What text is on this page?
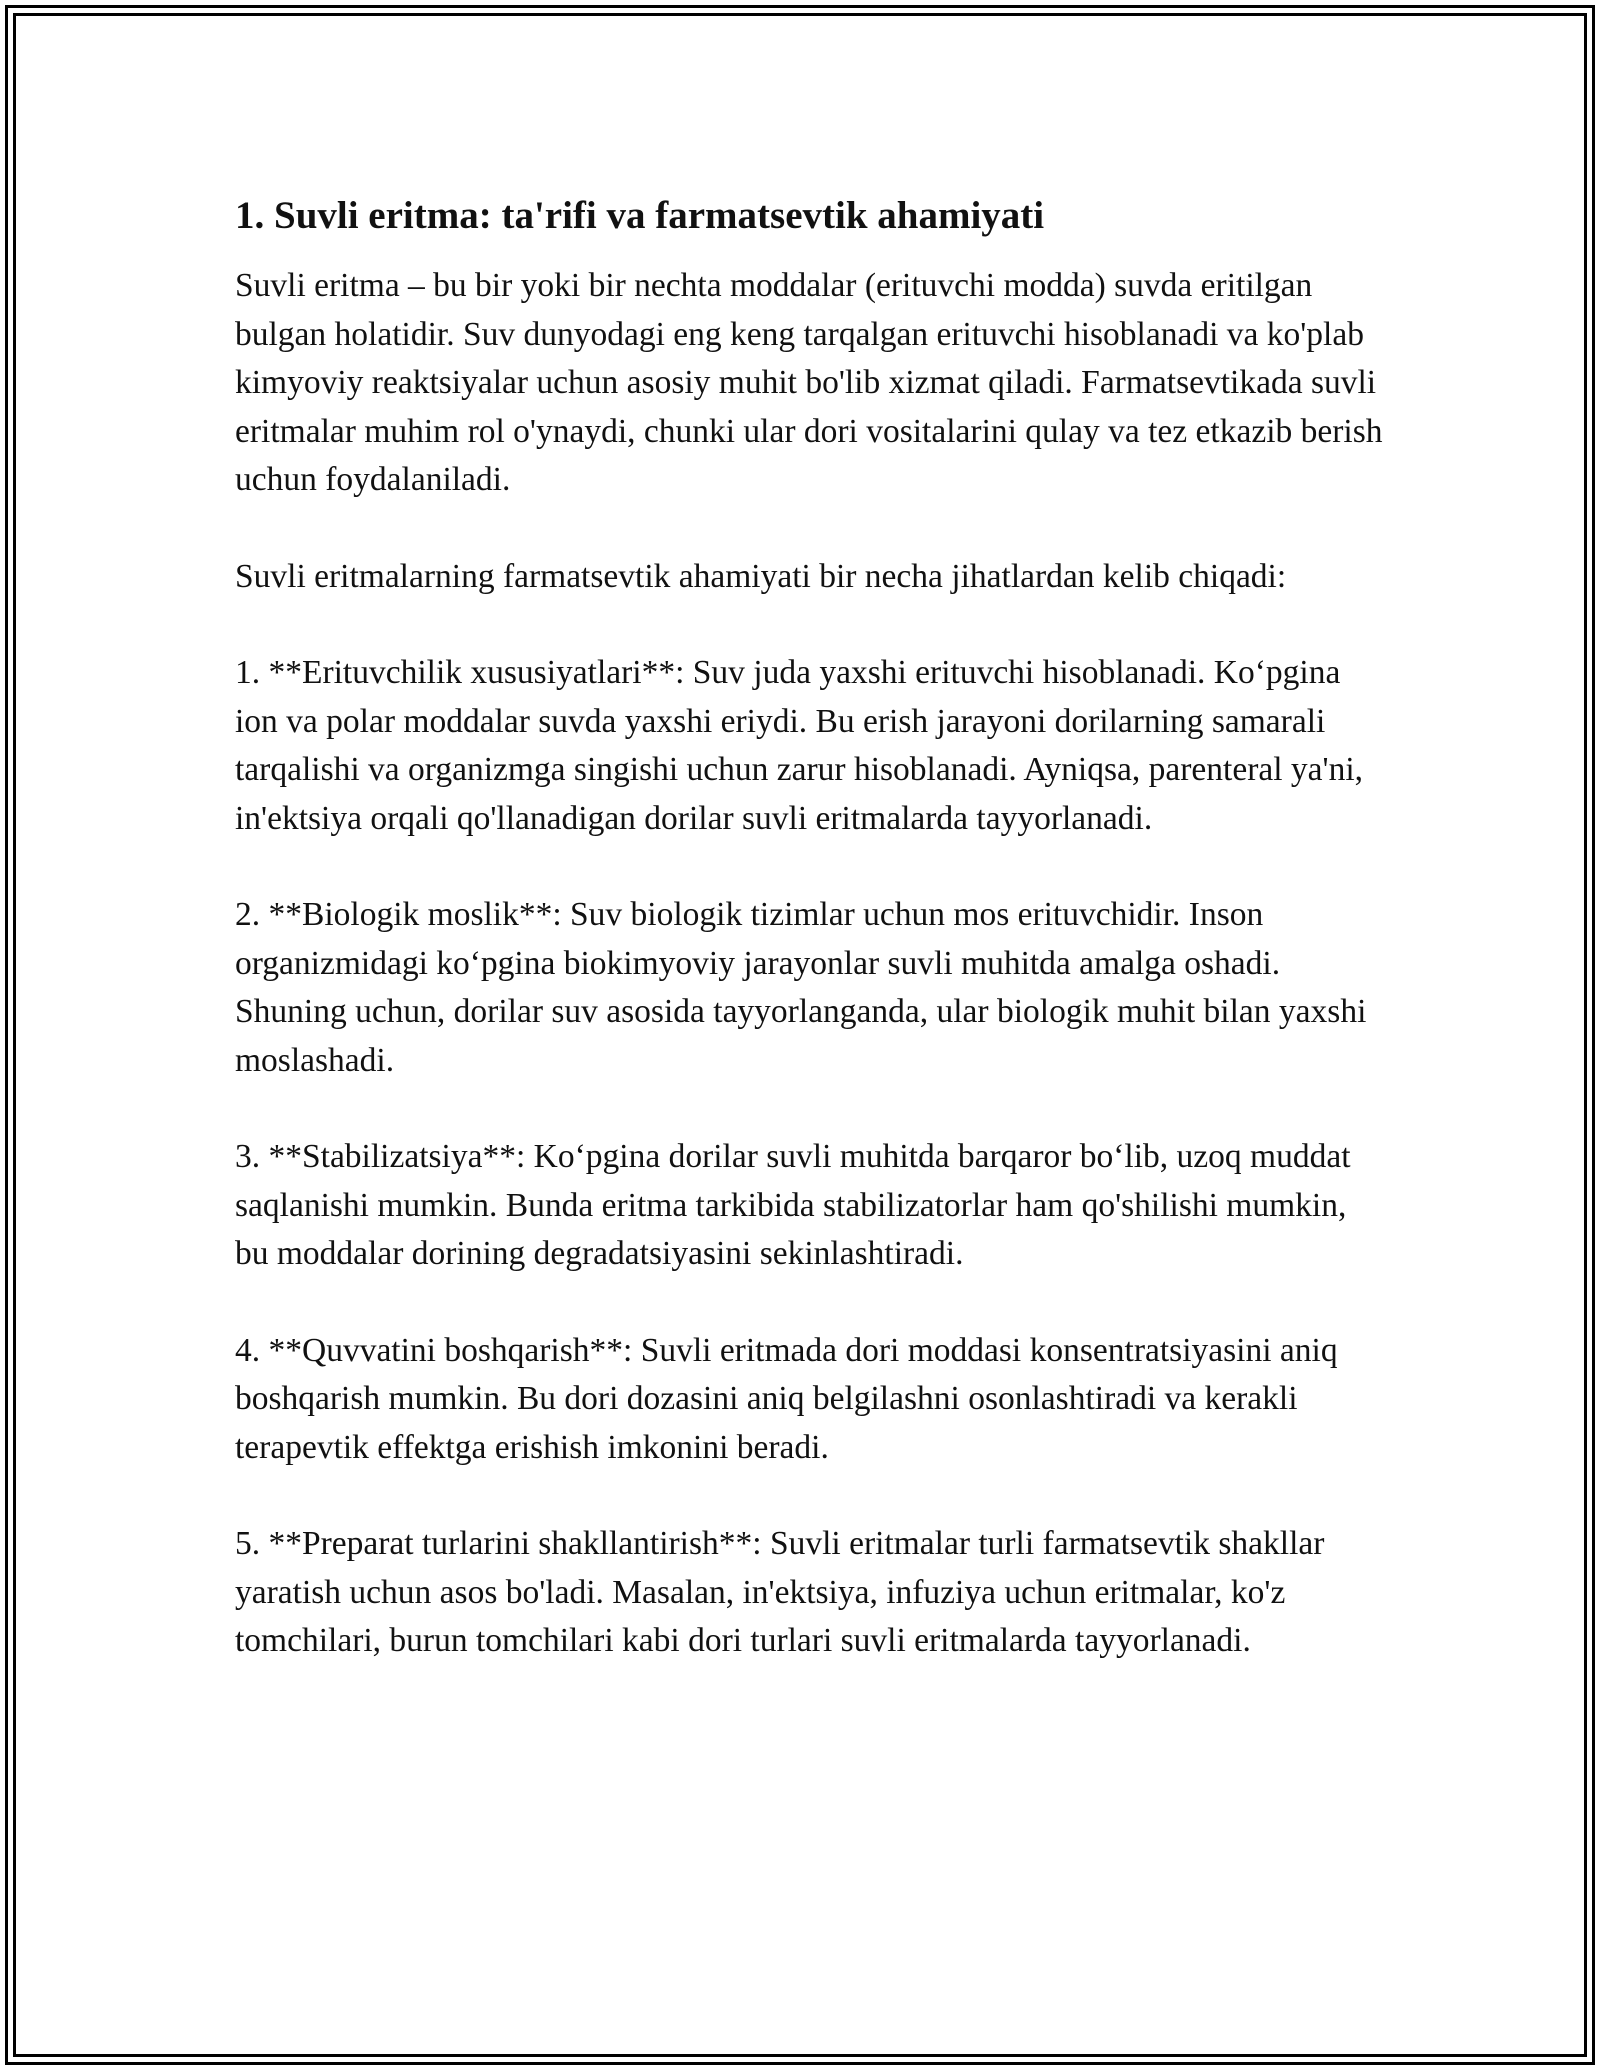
1. Suvli eritma: ta'rifi va farmatsevtik ahamiyati

Suvli eritma – bu bir yoki bir nechta moddalar (erituvchi modda) suvda eritilgan bulgan holatidir. Suv dunyodagi eng keng tarqalgan erituvchi hisoblanadi va ko'plab kimyoviy reaktsiyalar uchun asosiy muhit bo'lib xizmat qiladi. Farmatsevtikada suvli eritmalar muhim rol o'ynaydi, chunki ular dori vositalarini qulay va tez etkazib berish uchun foydalaniladi.

Suvli eritmalarning farmatsevtik ahamiyati bir necha jihatlardan kelib chiqadi:

1. **Erituvchilik xususiyatlari**: Suv juda yaxshi erituvchi hisoblanadi. Koʻpgina ion va polar moddalar suvda yaxshi eriydi. Bu erish jarayoni dorilarning samarali tarqalishi va organizmga singishi uchun zarur hisoblanadi. Ayniqsa, parenteral ya'ni, in'ektsiya orqali qo'llanadigan dorilar suvli eritmalarda tayyorlanadi.

2. **Biologik moslik**: Suv biologik tizimlar uchun mos erituvchidir. Inson organizmidagi koʻpgina biokimyoviy jarayonlar suvli muhitda amalga oshadi. Shuning uchun, dorilar suv asosida tayyorlanganda, ular biologik muhit bilan yaxshi moslashadi.

3. **Stabilizatsiya**: Koʻpgina dorilar suvli muhitda barqaror boʻlib, uzoq muddat saqlanishi mumkin. Bunda eritma tarkibida stabilizatorlar ham qo'shilishi mumkin, bu moddalar dorining degradatsiyasini sekinlashtiradi.

4. **Quvvatini boshqarish**: Suvli eritmada dori moddasi konsentratsiyasini aniq boshqarish mumkin. Bu dori dozasini aniq belgilashni osonlashtiradi va kerakli terapevtik effektga erishish imkonini beradi.

5. **Preparat turlarini shakllantirish**: Suvli eritmalar turli farmatsevtik shakllar yaratish uchun asos bo'ladi. Masalan, in'ektsiya, infuziya uchun eritmalar, ko'z tomchilari, burun tomchilari kabi dori turlari suvli eritmalarda tayyorlanadi.
